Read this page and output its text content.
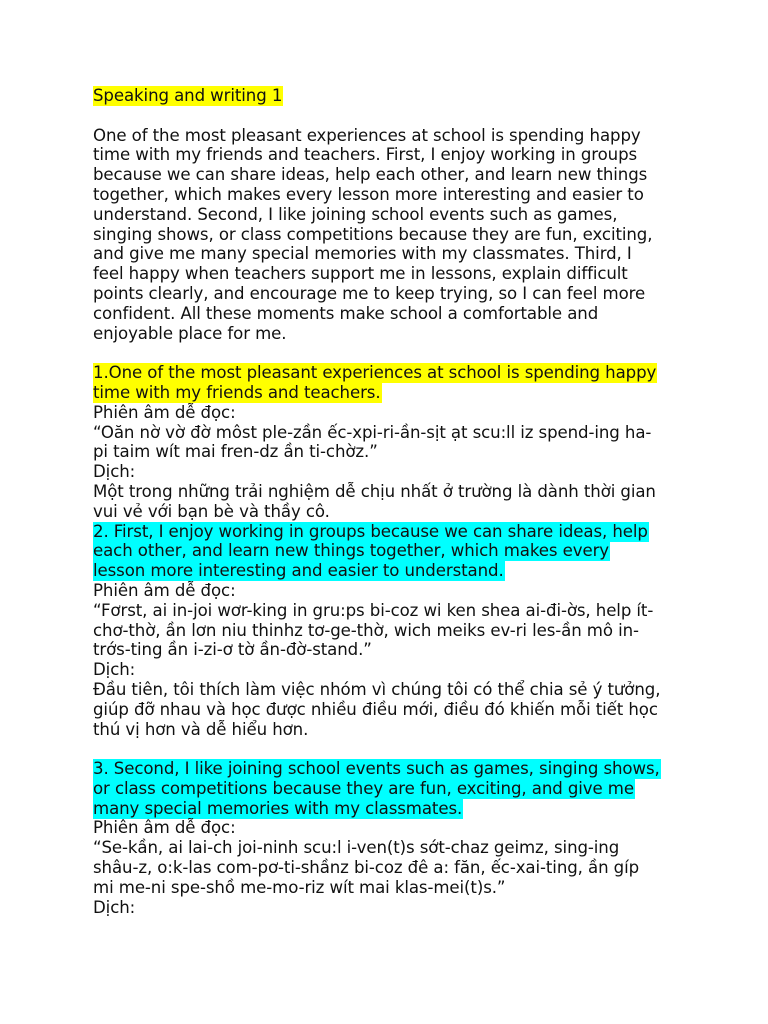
Speaking and writing 1
One of the most pleasant experiences at school is spending happy
time with my friends and teachers. First, I enjoy working in groups
because we can share ideas, help each other, and learn new things
together, which makes every lesson more interesting and easier to
understand. Second, I like joining school events such as games,
singing shows, or class competitions because they are fun, exciting,
and give me many special memories with my classmates. Third, I
feel happy when teachers support me in lessons, explain difficult
points clearly, and encourage me to keep trying, so I can feel more
confident. All these moments make school a comfortable and
enjoyable place for me.
1.One of the most pleasant experiences at school is spending happy
time with my friends and teachers.
Phiên âm dễ đọc:
“Oăn nờ vờ đờ môst ple-zần ếc-xpi-ri-ần-sịt ạt scu:ll iz spend-ing ha-
pi taim wít mai fren-dz ần ti-chờz.”
Dịch:
Một trong những trải nghiệm dễ chịu nhất ở trường là dành thời gian
vui vẻ với bạn bè và thầy cô.
2. First, I enjoy working in groups because we can share ideas, help
each other, and learn new things together, which makes every
lesson more interesting and easier to understand.
Phiên âm dễ đọc:
“Fơrst, ai in-joi wơr-king in gru:ps bi-coz wi ken shea ai-đi-ờs, help ít-
chơ-thờ, ần lơn niu thinhz tơ-ge-thờ, wich meiks ev-ri les-ần mô in-
trớs-ting ần i-zi-ơ tờ ần-đờ-stand.”
Dịch:
Đầu tiên, tôi thích làm việc nhóm vì chúng tôi có thể chia sẻ ý tưởng,
giúp đỡ nhau và học được nhiều điều mới, điều đó khiến mỗi tiết học
thú vị hơn và dễ hiểu hơn.
3. Second, I like joining school events such as games, singing shows,
or class competitions because they are fun, exciting, and give me
many special memories with my classmates.
Phiên âm dễ đọc:
“Se-kần, ai lai-ch joi-ninh scu:l i-ven(t)s sớt-chaz geimz, sing-ing
shâu-z, o:k-las com-pơ-ti-shầnz bi-coz đê a: făn, ếc-xai-ting, ần gíp
mi me-ni spe-shồ me-mo-riz wít mai klas-mei(t)s.”
Dịch:
